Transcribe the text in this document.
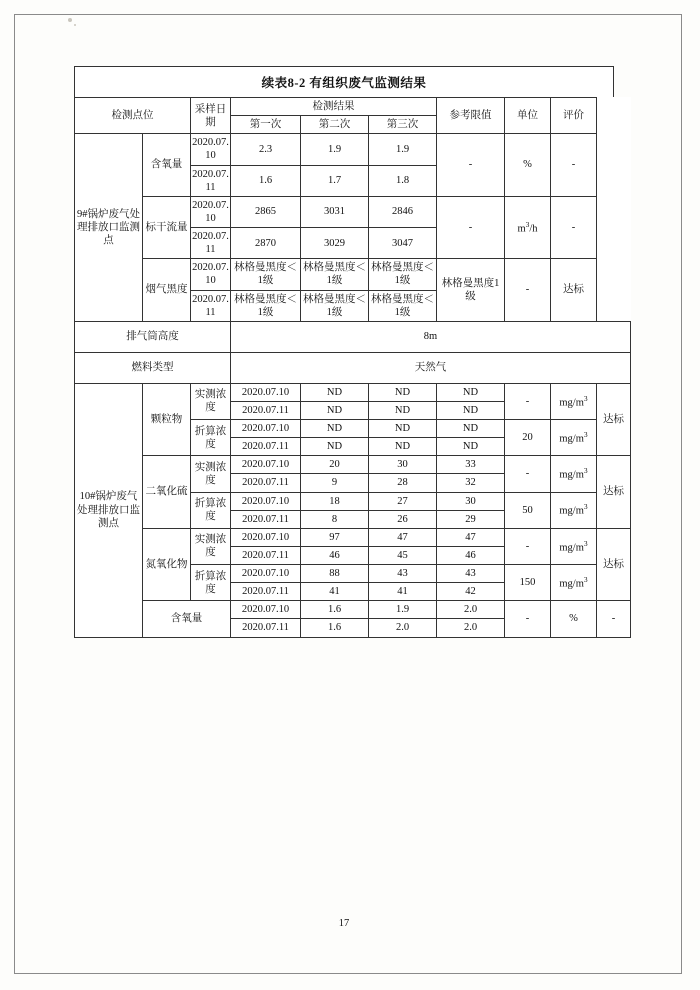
续表8-2 有组织废气监测结果
检测点位		采样日期	检测结果			参考限值	单位	评价	
			第一次	第二次	第三次				
9#锅炉废气处理排放口监测点	含氧量	2020.07.10	2.3	1.9	1.9	-	%	-	
		2020.07.11	1.6	1.7	1.8				
	标干流量	2020.07.10	2865	3031	2846	-	$m^3/h$	-	
		2020.07.11	2870	3029	3047				
	烟气黑度	2020.07.10	林格曼黑度＜1级	林格曼黑度＜1级	林格曼黑度＜1级	林格曼黑度1级	-	达标	
		2020.07.11	林格曼黑度＜1级	林格曼黑度＜1级	林格曼黑度＜1级				
排气筒高度			8m						
燃料类型			天然气						
10#锅炉废气处理排放口监测点	颗粒物	实测浓度	2020.07.10	ND	ND	ND	-	$mg/m^3$	达标
			2020.07.11	ND	ND	ND			
		折算浓度	2020.07.10	ND	ND	ND	20	$mg/m^3$
			2020.07.11	ND	ND	ND			
	二氧化硫	实测浓度	2020.07.10	20	30	33	-	$mg/m^3$	达标
			2020.07.11	9	28	32			
		折算浓度	2020.07.10	18	27	30	50	$mg/m^3$
			2020.07.11	8	26	29			
	氮氧化物	实测浓度	2020.07.10	97	47	47	-	$mg/m^3$	达标
			2020.07.11	46	45	46			
		折算浓度	2020.07.10	88	43	43	150	$mg/m^3$
			2020.07.11	41	41	42			
	含氧量		2020.07.10	1.6	1.9	2.0	-	%	-
			2020.07.11	1.6	2.0	2.0			
17
